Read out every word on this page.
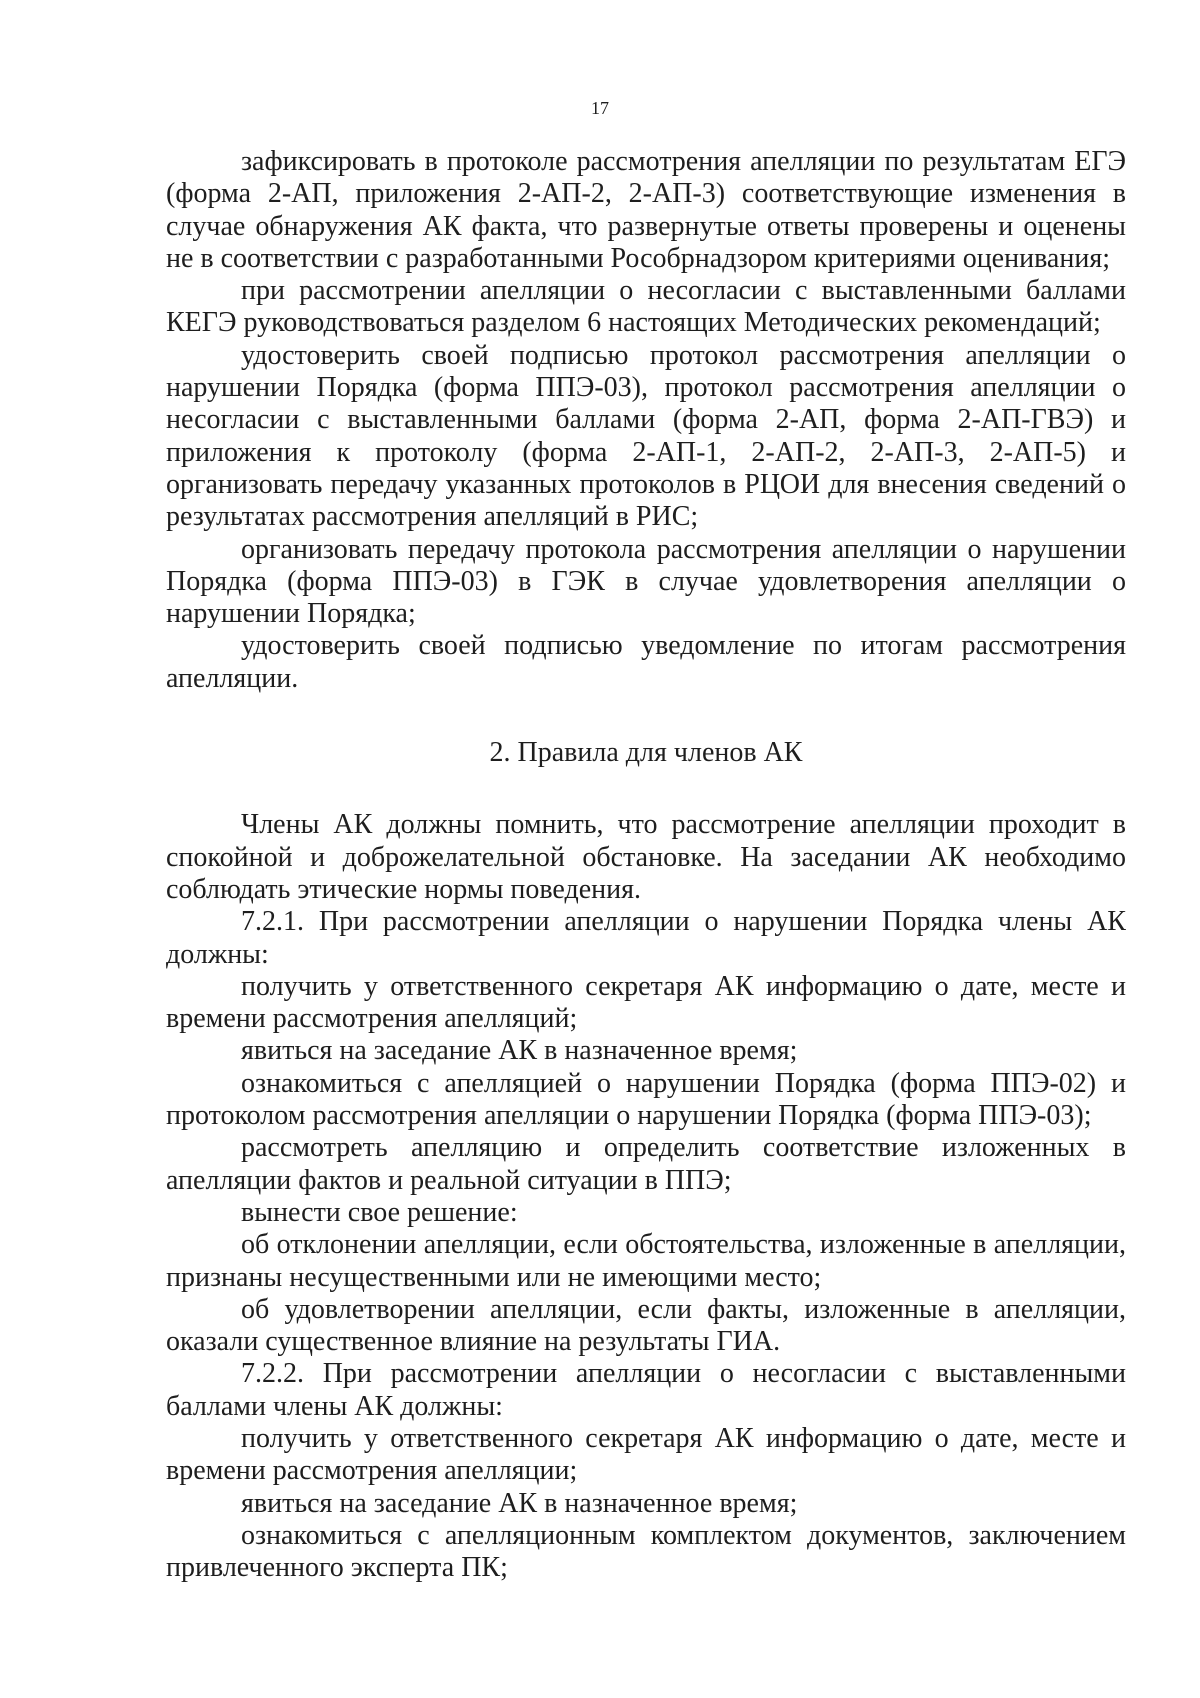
17

зафиксировать в протоколе рассмотрения апелляции по результатам ЕГЭ (форма 2-АП, приложения 2-АП-2, 2-АП-3) соответствующие изменения в случае обнаружения АК факта, что развернутые ответы проверены и оценены не в соответствии с разработанными Рособрнадзором критериями оценивания;

при рассмотрении апелляции о несогласии с выставленными баллами КЕГЭ руководствоваться разделом 6 настоящих Методических рекомендаций;

удостоверить своей подписью протокол рассмотрения апелляции о нарушении Порядка (форма ППЭ-03), протокол рассмотрения апелляции о несогласии с выставленными баллами (форма 2-АП, форма 2-АП-ГВЭ) и приложения к протоколу (форма 2-АП-1, 2-АП-2, 2-АП-3, 2-АП-5) и организовать передачу указанных протоколов в РЦОИ для внесения сведений о результатах рассмотрения апелляций в РИС;

организовать передачу протокола рассмотрения апелляции о нарушении Порядка (форма ППЭ-03) в ГЭК в случае удовлетворения апелляции о нарушении Порядка;

удостоверить своей подписью уведомление по итогам рассмотрения апелляции.

2. Правила для членов АК

Члены АК должны помнить, что рассмотрение апелляции проходит в спокойной и доброжелательной обстановке. На заседании АК необходимо соблюдать этические нормы поведения.

7.2.1. При рассмотрении апелляции о нарушении Порядка члены АК должны:

получить у ответственного секретаря АК информацию о дате, месте и времени рассмотрения апелляций;

явиться на заседание АК в назначенное время;

ознакомиться с апелляцией о нарушении Порядка (форма ППЭ-02) и протоколом рассмотрения апелляции о нарушении Порядка (форма ППЭ-03);

рассмотреть апелляцию и определить соответствие изложенных в апелляции фактов и реальной ситуации в ППЭ;

вынести свое решение:

об отклонении апелляции, если обстоятельства, изложенные в апелляции, признаны несущественными или не имеющими место;

об удовлетворении апелляции, если факты, изложенные в апелляции, оказали существенное влияние на результаты ГИА.

7.2.2. При рассмотрении апелляции о несогласии с выставленными баллами члены АК должны:

получить у ответственного секретаря АК информацию о дате, месте и времени рассмотрения апелляции;

явиться на заседание АК в назначенное время;

ознакомиться с апелляционным комплектом документов, заключением привлеченного эксперта ПК;
